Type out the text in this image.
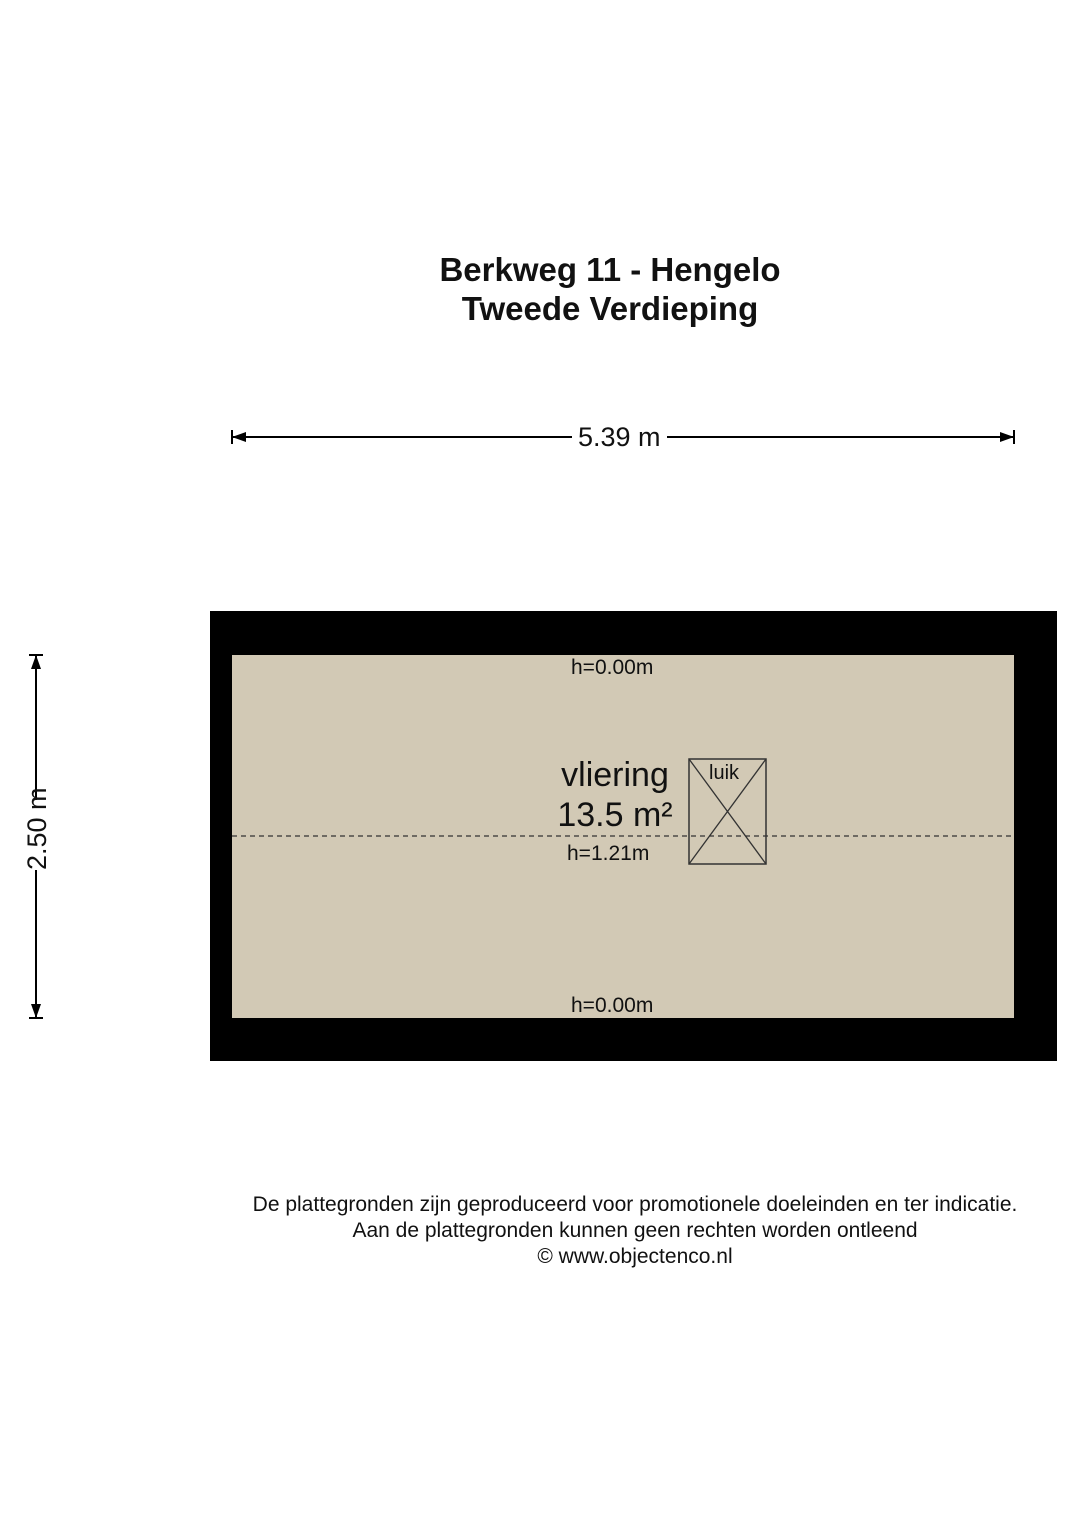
Berkweg 11 - Hengelo
Tweede Verdieping
5.39 m
2.50 m
h=0.00m
h=1.21m
h=0.00m
vliering
13.5 m²
luik
De plattegronden zijn geproduceerd voor promotionele doeleinden en ter indicatie.
Aan de plattegronden kunnen geen rechten worden ontleend
© www.objectenco.nl
